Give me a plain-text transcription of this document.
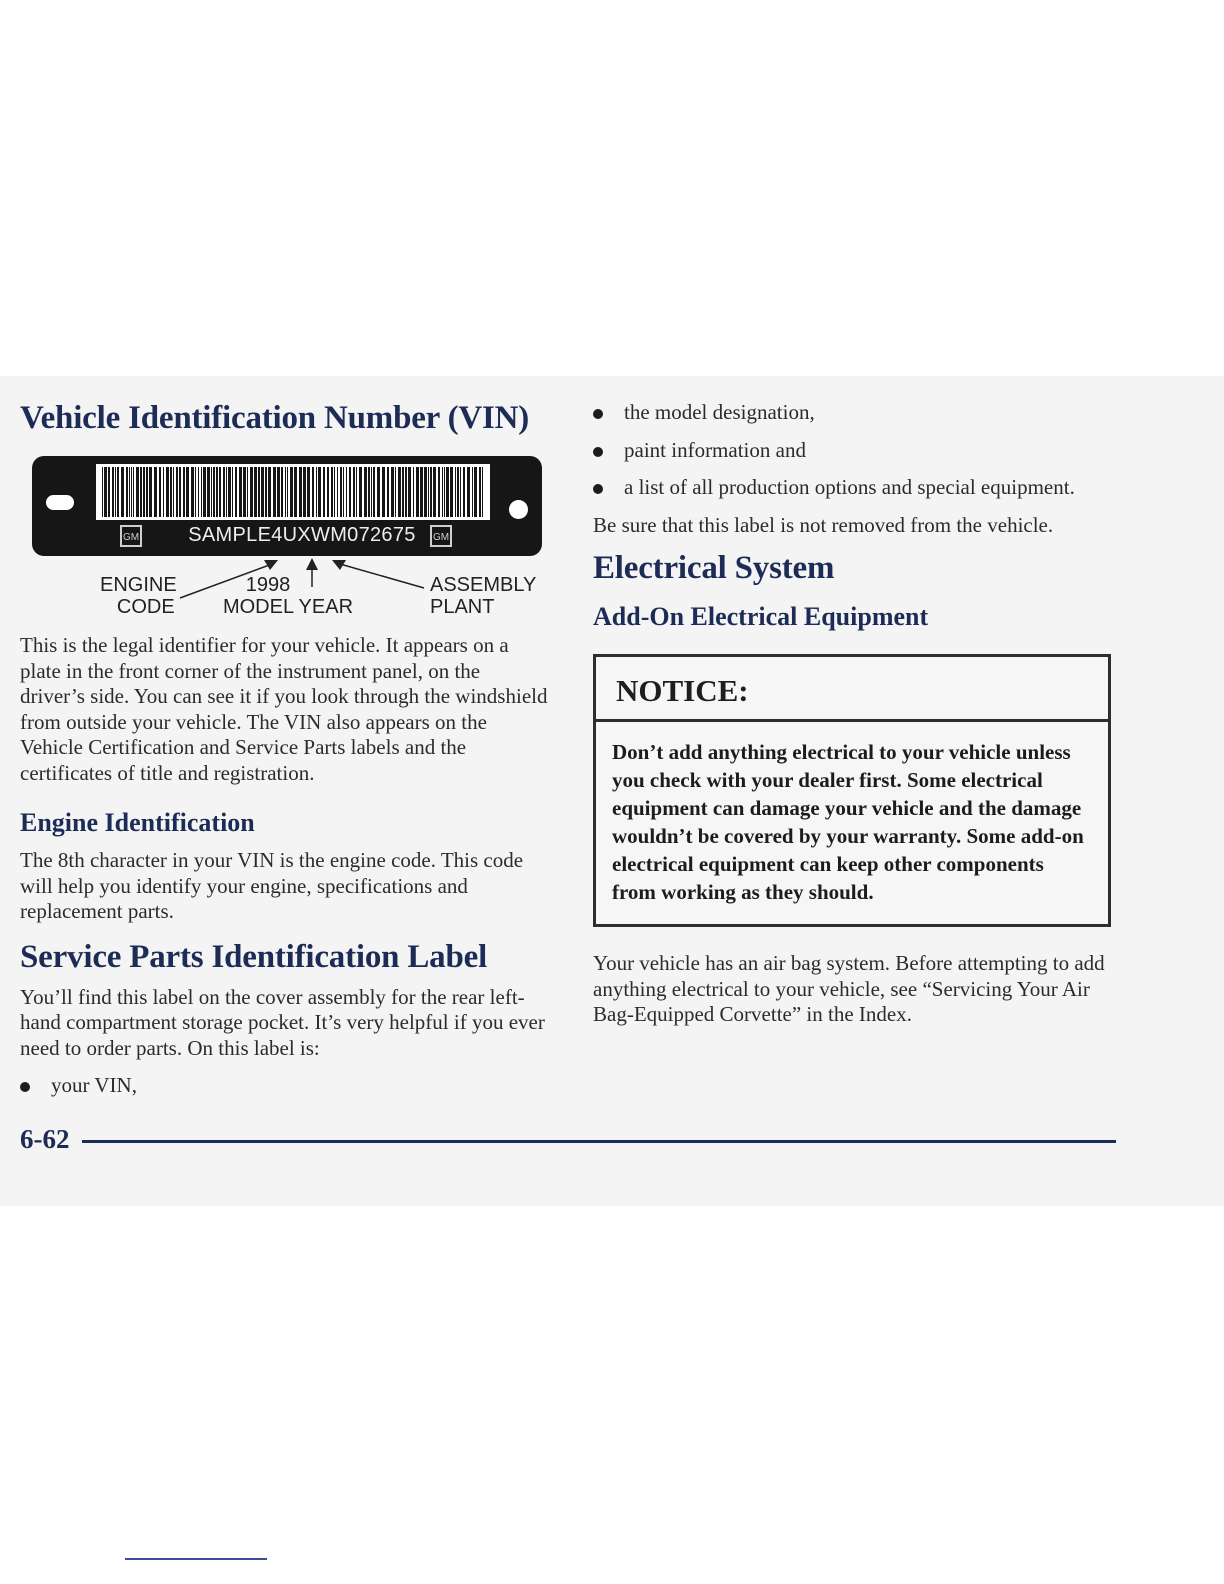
Vehicle Identification Number (VIN)
GM	SAMPLE4UXWM072675	GM
ENGINE
CODE
1998
MODEL YEAR
ASSEMBLY
PLANT

This is the legal identifier for your vehicle. It appears on a plate in the front corner of the instrument panel, on the driver’s side. You can see it if you look through the windshield from outside your vehicle. The VIN also appears on the Vehicle Certification and Service Parts labels and the certificates of title and registration.

Engine Identification

The 8th character in your VIN is the engine code. This code will help you identify your engine, specifications and replacement parts.

Service Parts Identification Label

You’ll find this label on the cover assembly for the rear left-hand compartment storage pocket. It’s very helpful if you ever need to order parts. On this label is:

your VIN,
the model designation,
paint information and
a list of all production options and special equipment.

Be sure that this label is not removed from the vehicle.

Electrical System
Add-On Electrical Equipment
NOTICE:
Don’t add anything electrical to your vehicle unless you check with your dealer first. Some electrical equipment can damage your vehicle and the damage wouldn’t be covered by your warranty. Some add-on electrical equipment can keep other components from working as they should.

Your vehicle has an air bag system. Before attempting to add anything electrical to your vehicle, see “Servicing Your Air Bag-Equipped Corvette” in the Index.

6-62
